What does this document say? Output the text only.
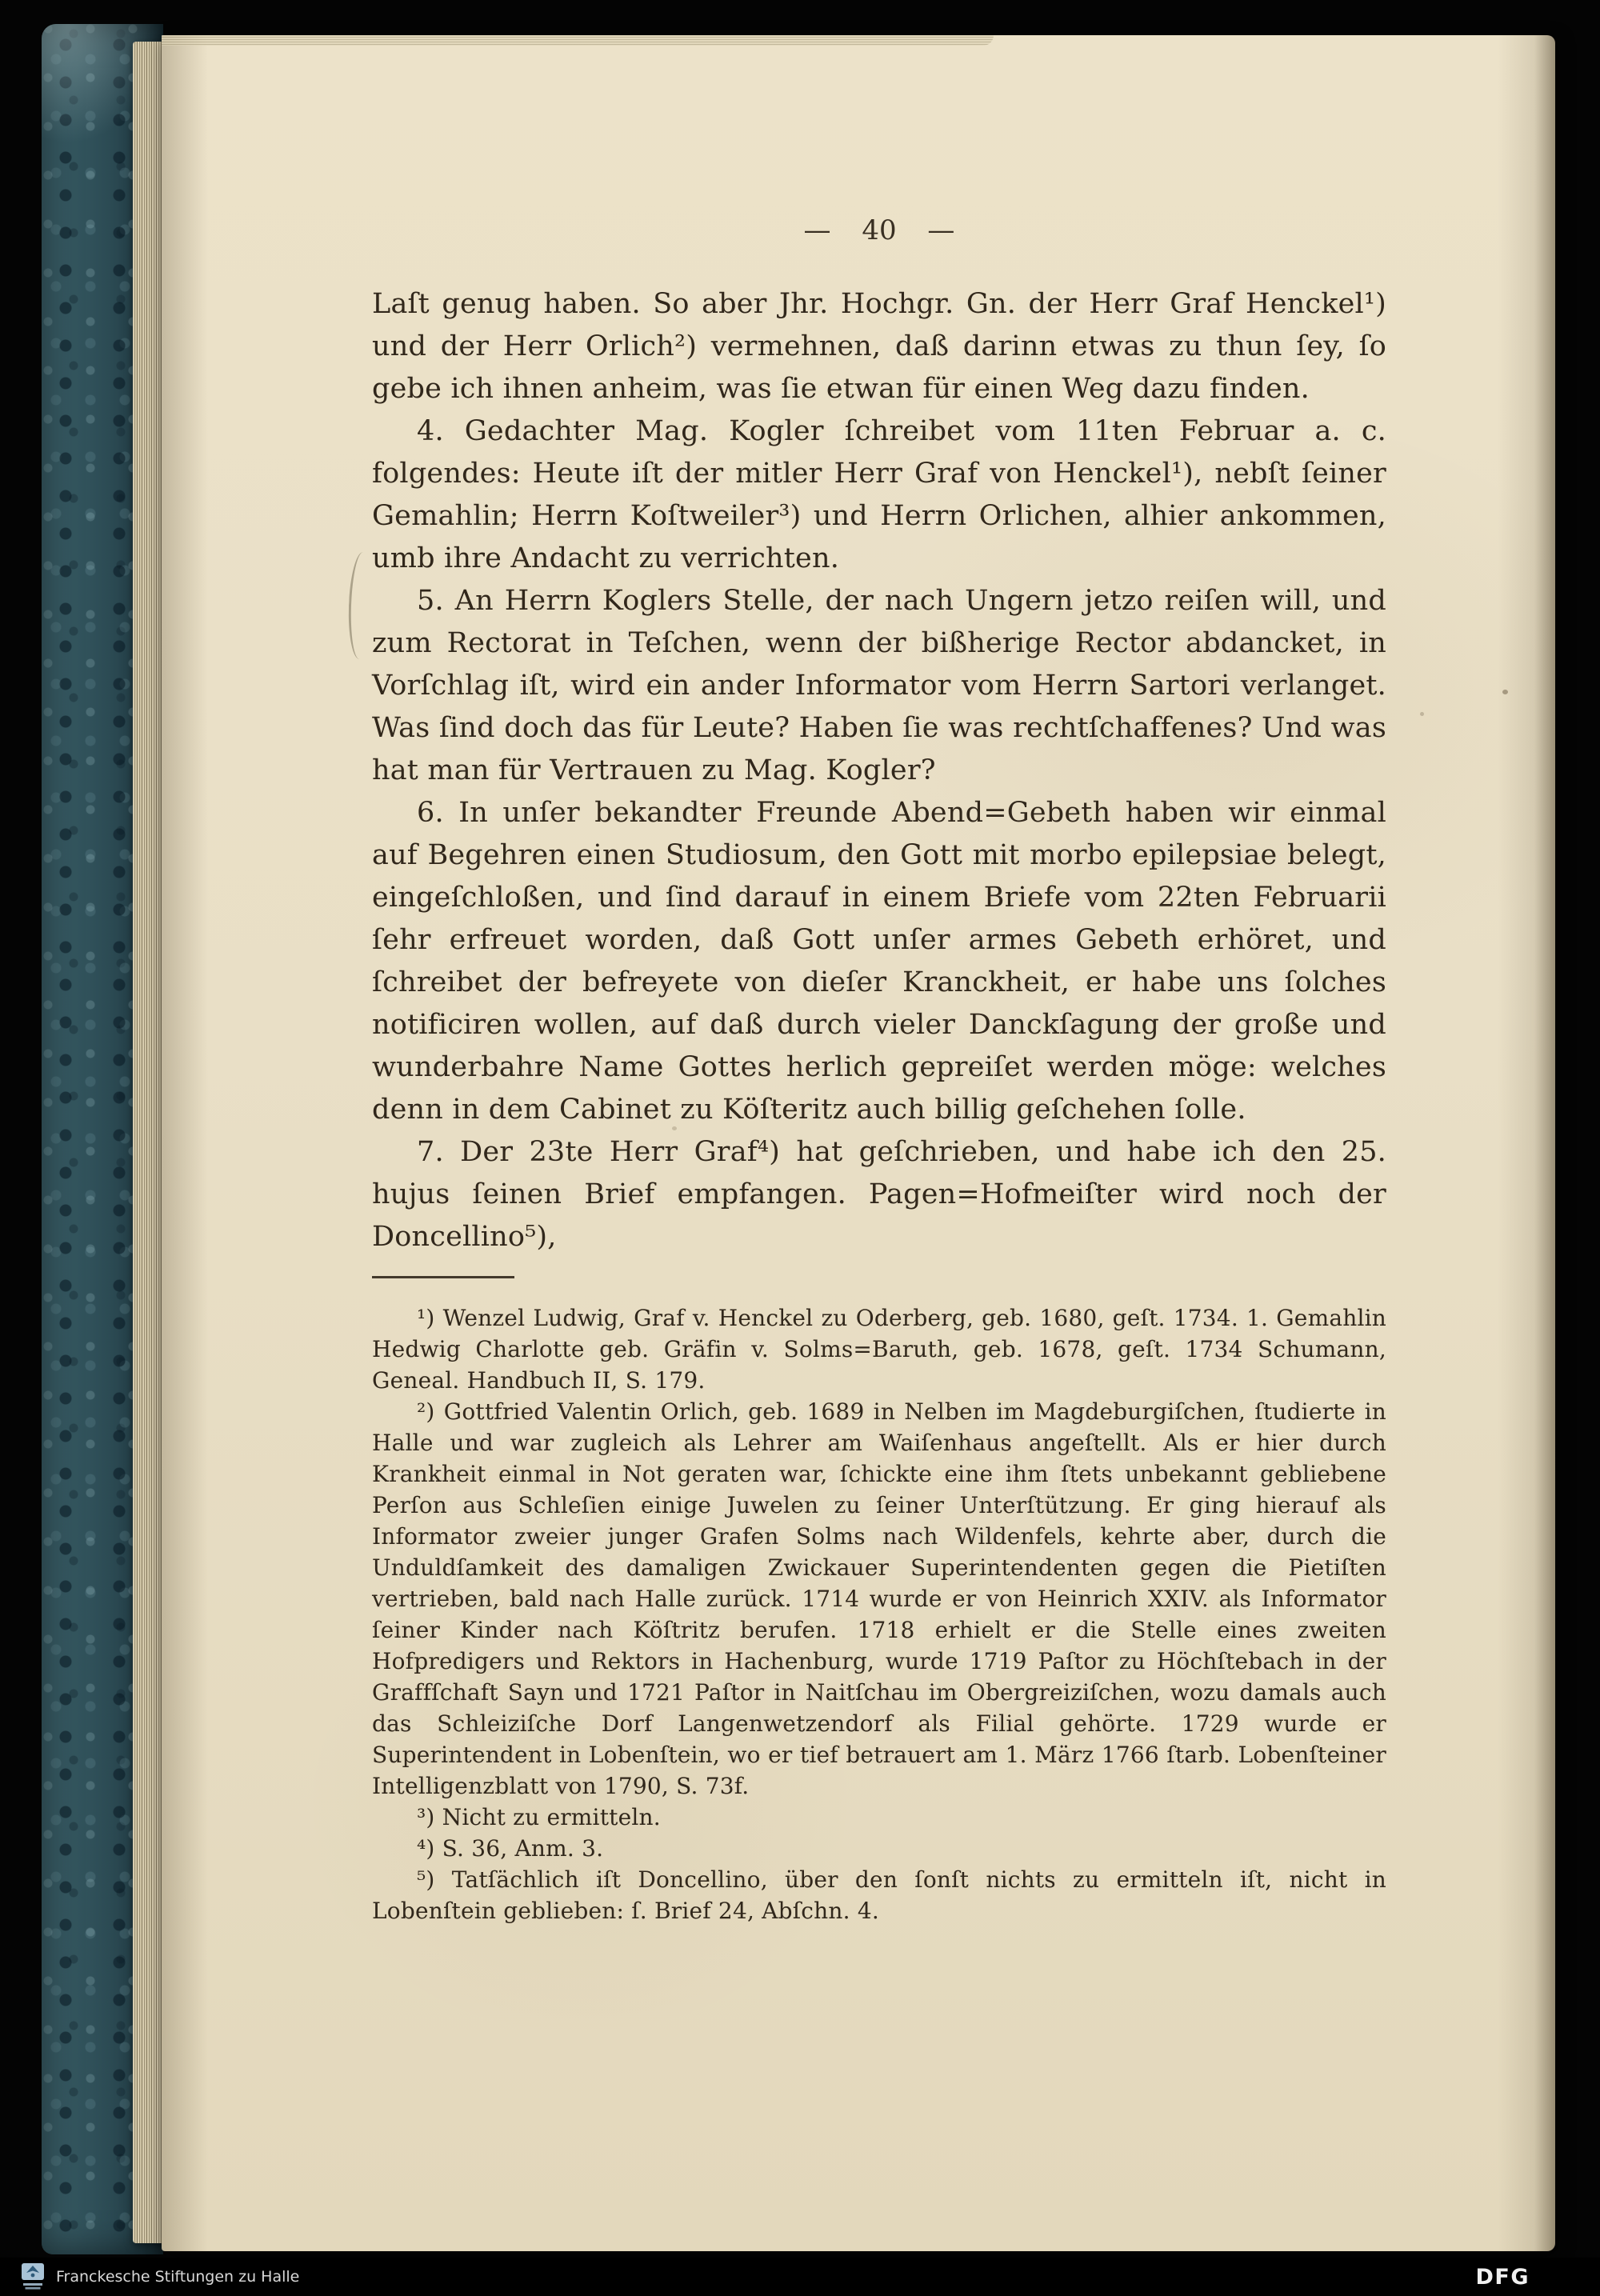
— 40 —

Laſt genug haben. So aber Jhr. Hochgr. Gn. der Herr Graf Henckel¹) und der Herr Orlich²) vermehnen, daß darinn etwas zu thun ſey, ſo gebe ich ihnen anheim, was ſie etwan für einen Weg dazu finden.

4. Gedachter Mag. Kogler ſchreibet vom 11ten Februar a. c. folgendes: Heute iſt der mitler Herr Graf von Henckel¹), nebſt ſeiner Gemahlin; Herrn Koſtweiler³) und Herrn Orlichen, alhier ankommen, umb ihre Andacht zu verrichten.

5. An Herrn Koglers Stelle, der nach Ungern jetzo reiſen will, und zum Rectorat in Teſchen, wenn der bißherige Rector abdancket, in Vorſchlag iſt, wird ein ander Informator vom Herrn Sartori verlanget. Was ſind doch das für Leute? Haben ſie was rechtſchaffenes? Und was hat man für Vertrauen zu Mag. Kogler?

6. In unſer bekandter Freunde Abend=Gebeth haben wir einmal auf Begehren einen Studiosum, den Gott mit morbo epilepsiae belegt, eingeſchloßen, und ſind darauf in einem Briefe vom 22ten Februarii ſehr erfreuet worden, daß Gott unſer armes Gebeth erhöret, und ſchreibet der befreyete von dieſer Kranckheit, er habe uns ſolches notificiren wollen, auf daß durch vieler Danckſagung der große und wunderbahre Name Gottes herlich gepreiſet werden möge: welches denn in dem Cabinet zu Köſteritz auch billig geſchehen ſolle.

7. Der 23te Herr Graf⁴) hat geſchrieben, und habe ich den 25. hujus ſeinen Brief empfangen. Pagen=Hofmeiſter wird noch der Doncellino⁵),

¹) Wenzel Ludwig, Graf v. Henckel zu Oderberg, geb. 1680, geſt. 1734. 1. Gemahlin Hedwig Charlotte geb. Gräfin v. Solms=Baruth, geb. 1678, geſt. 1734 Schumann, Geneal. Handbuch II, S. 179.

²) Gottfried Valentin Orlich, geb. 1689 in Nelben im Magdeburgiſchen, ſtudierte in Halle und war zugleich als Lehrer am Waiſenhaus angeſtellt. Als er hier durch Krankheit einmal in Not geraten war, ſchickte eine ihm ſtets unbekannt gebliebene Perſon aus Schleſien einige Juwelen zu ſeiner Unterſtützung. Er ging hierauf als Informator zweier junger Grafen Solms nach Wildenfels, kehrte aber, durch die Unduldſamkeit des damaligen Zwickauer Superintendenten gegen die Pietiſten vertrieben, bald nach Halle zurück. 1714 wurde er von Heinrich XXIV. als Informator ſeiner Kinder nach Köſtritz berufen. 1718 erhielt er die Stelle eines zweiten Hofpredigers und Rektors in Hachenburg, wurde 1719 Paſtor zu Höchſtebach in der Graffſchaft Sayn und 1721 Paſtor in Naitſchau im Obergreiziſchen, wozu damals auch das Schleiziſche Dorf Langenwetzendorf als Filial gehörte. 1729 wurde er Superintendent in Lobenſtein, wo er tief betrauert am 1. März 1766 ſtarb. Lobenſteiner Intelligenzblatt von 1790, S. 73f.

³) Nicht zu ermitteln.

⁴) S. 36, Anm. 3.

⁵) Tatſächlich iſt Doncellino, über den ſonſt nichts zu ermitteln iſt, nicht in Lobenſtein geblieben: ſ. Brief 24, Abſchn. 4.

Franckesche Stiftungen zu Halle	DFG
